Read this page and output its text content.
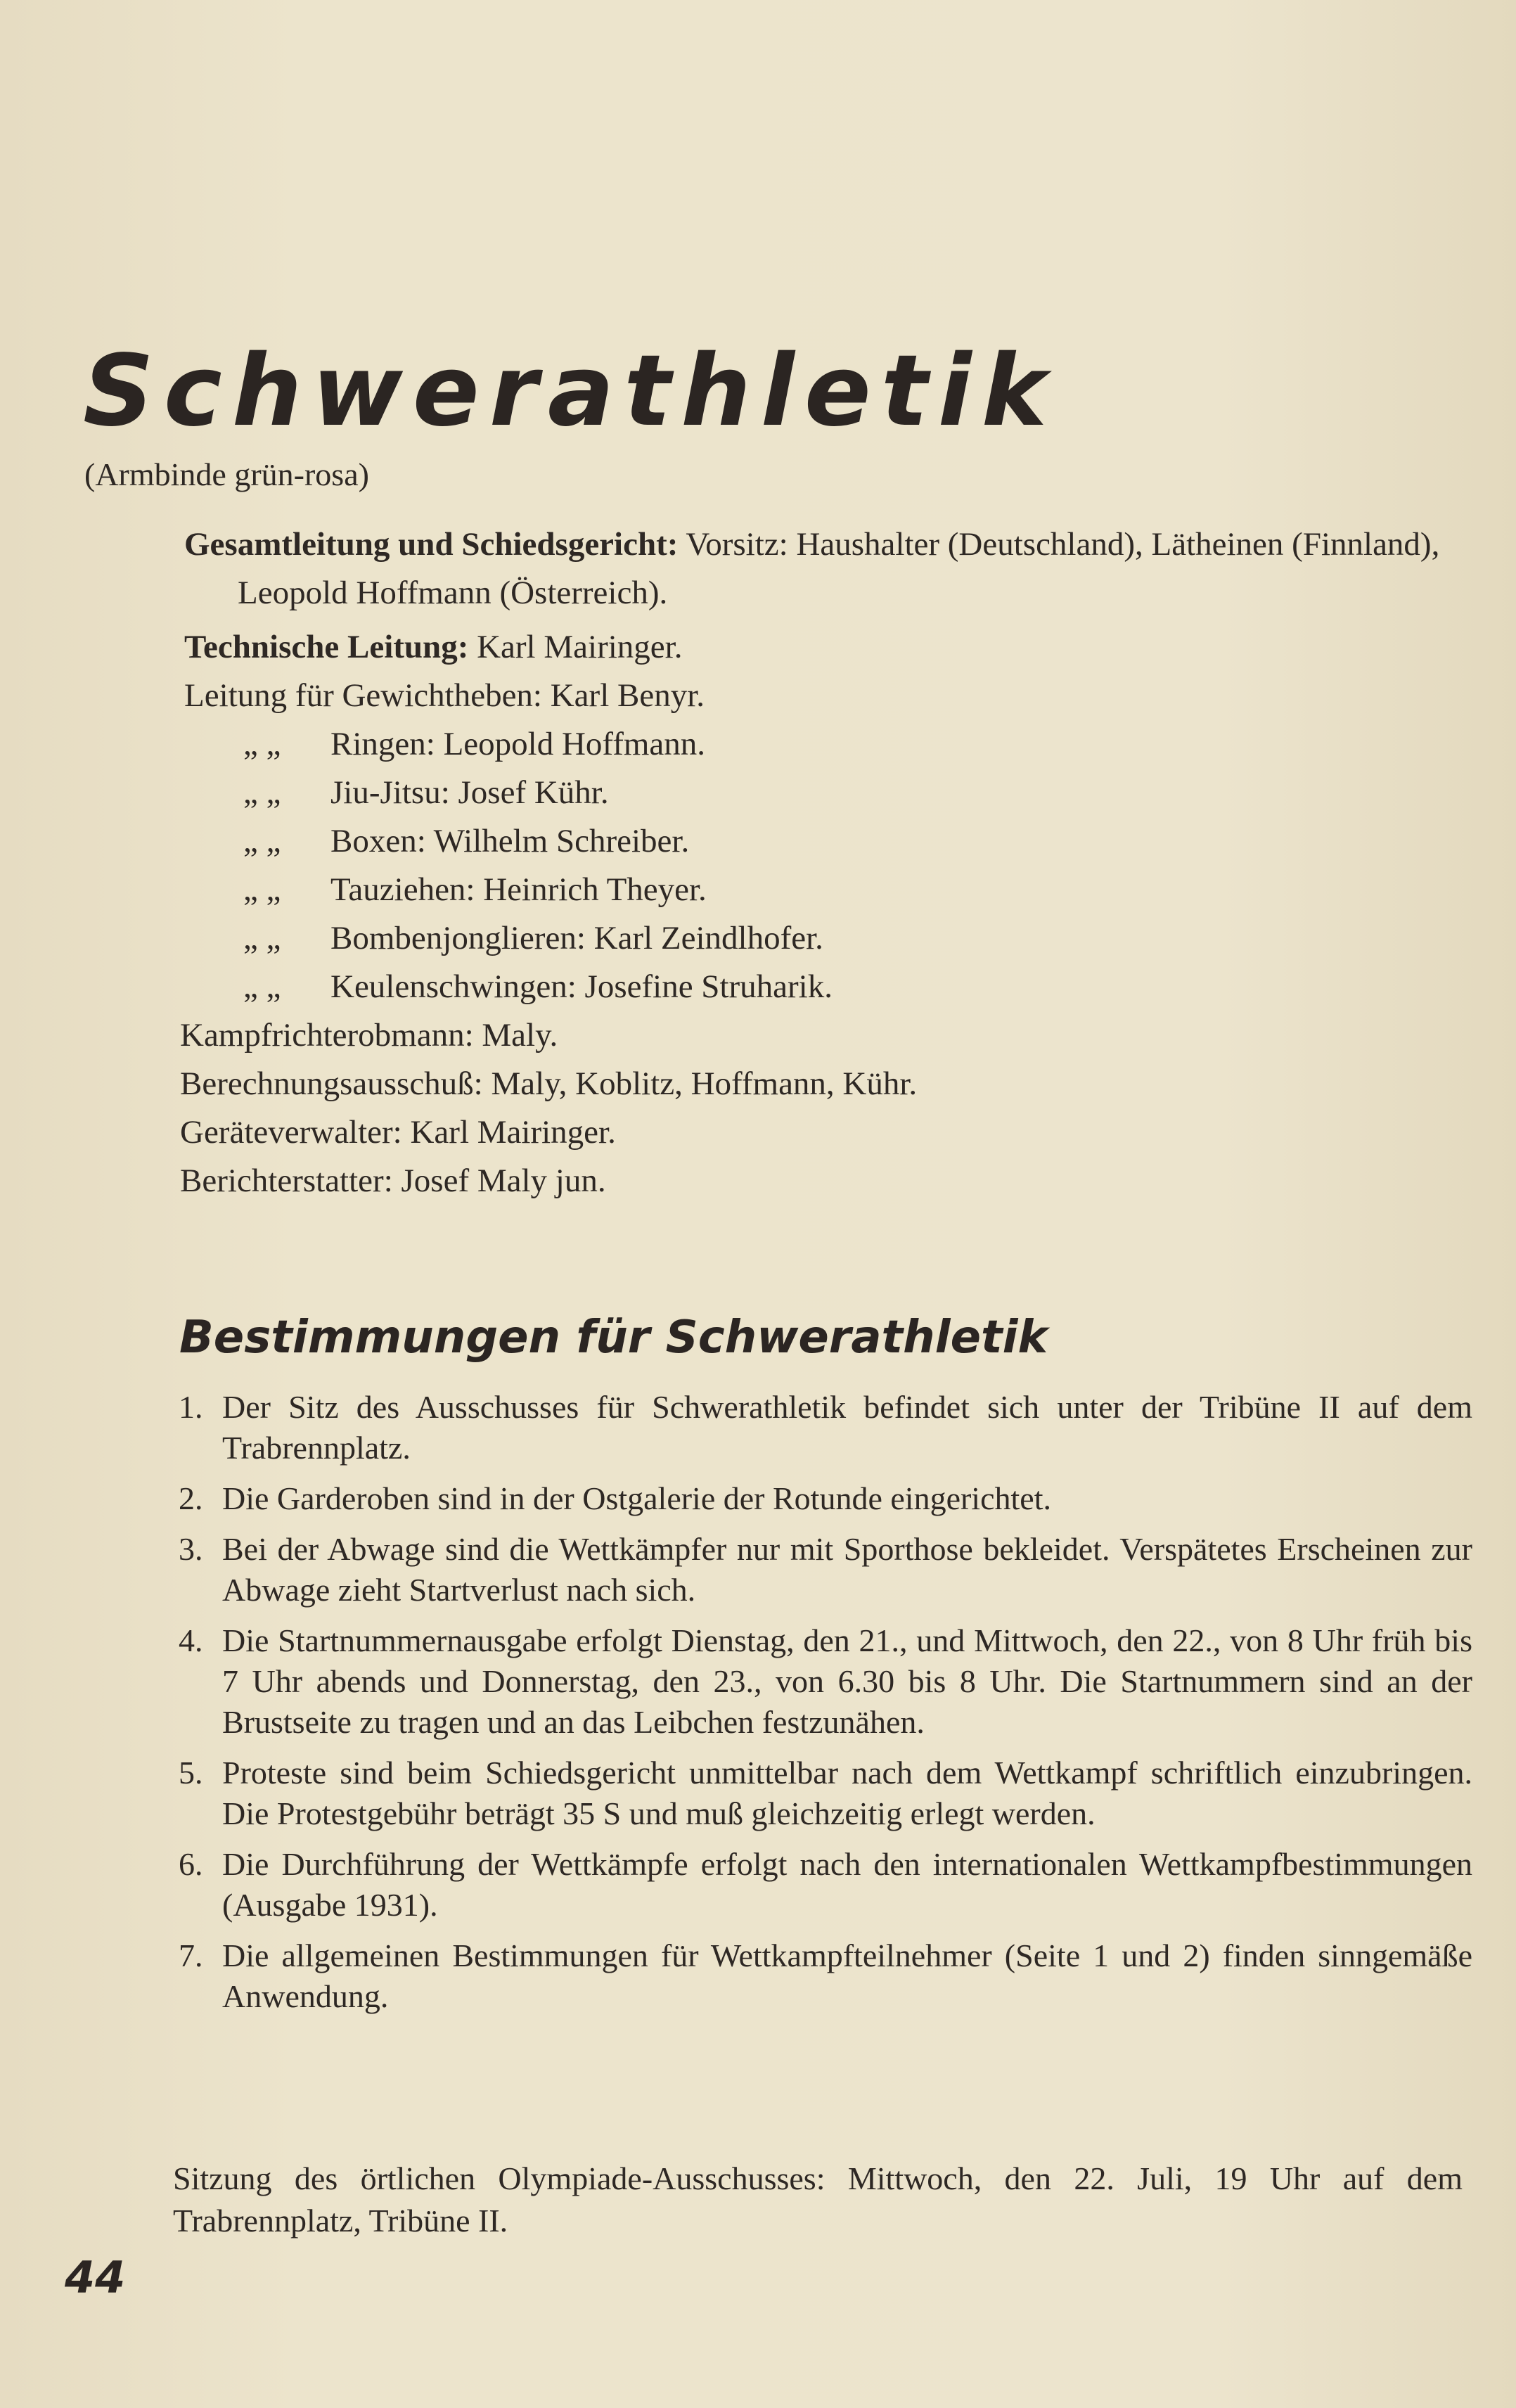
Schwerathletik
(Armbinde grün-rosa)
Gesamtleitung und Schiedsgericht: Vorsitz: Haushalter (Deutschland), Lätheinen (Finnland), Leopold Hoffmann (Österreich).
Technische Leitung: Karl Mairinger.
Leitung für Gewichtheben: Karl Benyr.
„ „ Ringen: Leopold Hoffmann.
„ „ Jiu-Jitsu: Josef Kühr.
„ „ Boxen: Wilhelm Schreiber.
„ „ Tauziehen: Heinrich Theyer.
„ „ Bombenjonglieren: Karl Zeindlhofer.
„ „ Keulenschwingen: Josefine Struharik.
Kampfrichterobmann: Maly.
Berechnungsausschuß: Maly, Koblitz, Hoffmann, Kühr.
Geräteverwalter: Karl Mairinger.
Berichterstatter: Josef Maly jun.
Bestimmungen für Schwerathletik
1. Der Sitz des Ausschusses für Schwerathletik befindet sich unter der Tribüne II auf dem Trabrennplatz.
2. Die Garderoben sind in der Ostgalerie der Rotunde eingerichtet.
3. Bei der Abwage sind die Wettkämpfer nur mit Sporthose bekleidet. Verspätetes Erscheinen zur Abwage zieht Startverlust nach sich.
4. Die Startnummernausgabe erfolgt Dienstag, den 21., und Mittwoch, den 22., von 8 Uhr früh bis 7 Uhr abends und Donnerstag, den 23., von 6.30 bis 8 Uhr. Die Startnummern sind an der Brustseite zu tragen und an das Leibchen festzunähen.
5. Proteste sind beim Schiedsgericht unmittelbar nach dem Wettkampf schriftlich einzubringen. Die Protestgebühr beträgt 35 S und muß gleichzeitig erlegt werden.
6. Die Durchführung der Wettkämpfe erfolgt nach den internationalen Wettkampfbestimmungen (Ausgabe 1931).
7. Die allgemeinen Bestimmungen für Wettkampfteilnehmer (Seite 1 und 2) finden sinngemäße Anwendung.

Sitzung des örtlichen Olympiade-Ausschusses: Mittwoch, den 22. Juli, 19 Uhr auf dem Trabrennplatz, Tribüne II.

44
